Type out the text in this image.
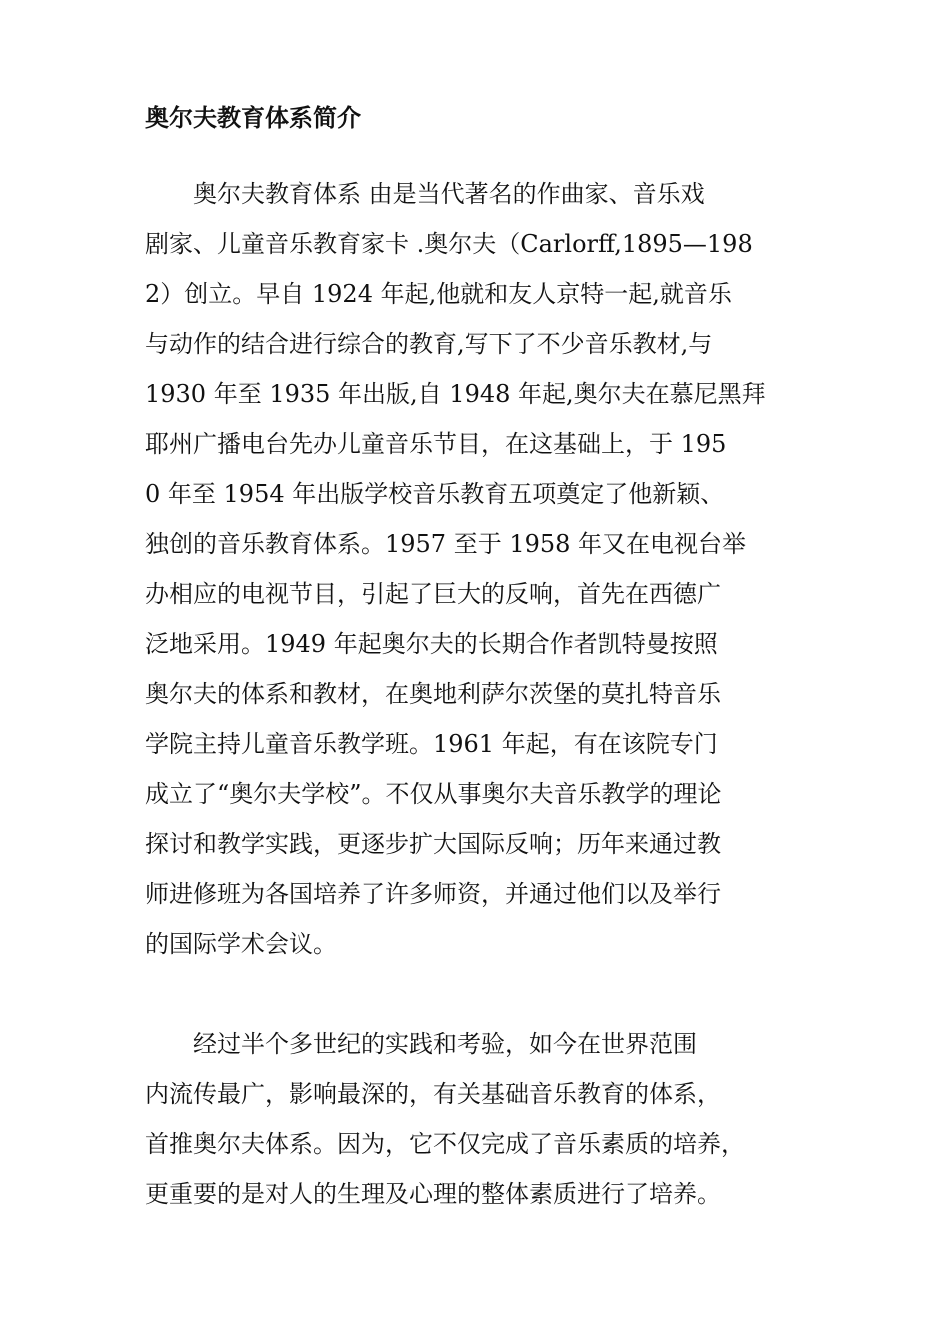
奥尔夫教育体系简介

　　奥尔夫教育体系 由是当代著名的作曲家、音乐戏

剧家、儿童音乐教育家卡 .奥尔夫（Carlorff,1895—198

2）创立。早自 1924 年起,他就和友人京特一起,就音乐

与动作的结合进行综合的教育,写下了不少音乐教材,与

1930 年至 1935 年出版,自 1948 年起,奥尔夫在慕尼黑拜

耶州广播电台先办儿童音乐节目，在这基础上，于 195

0 年至 1954 年出版学校音乐教育五项奠定了他新颖、

独创的音乐教育体系。1957 至于 1958 年又在电视台举

办相应的电视节目，引起了巨大的反响，首先在西德广

泛地采用。1949 年起奥尔夫的长期合作者凯特曼按照

奥尔夫的体系和教材，在奥地利萨尔茨堡的莫扎特音乐

学院主持儿童音乐教学班。1961 年起，有在该院专门

成立了“奥尔夫学校”。不仅从事奥尔夫音乐教学的理论

探讨和教学实践，更逐步扩大国际反响；历年来通过教

师进修班为各国培养了许多师资，并通过他们以及举行

的国际学术会议。

　　经过半个多世纪的实践和考验，如今在世界范围

内流传最广，影响最深的，有关基础音乐教育的体系，

首推奥尔夫体系。因为，它不仅完成了音乐素质的培养，

更重要的是对人的生理及心理的整体素质进行了培养。
